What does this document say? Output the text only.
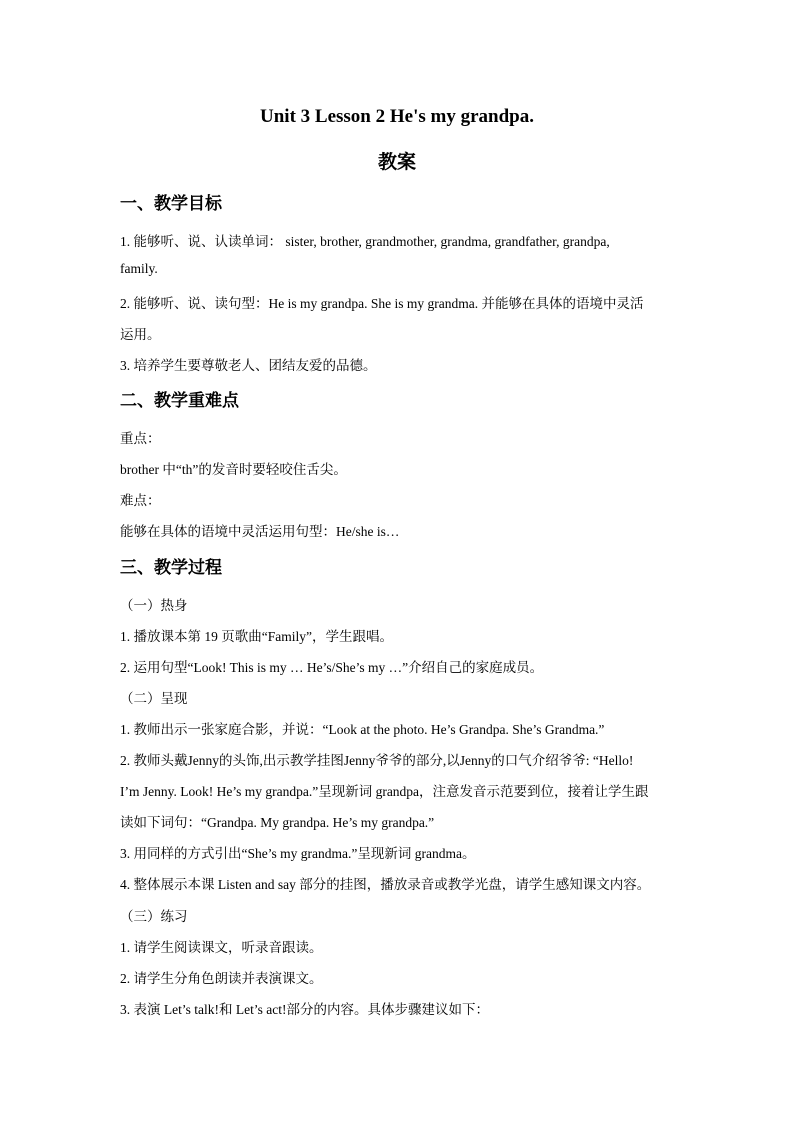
Unit 3 Lesson 2 He's my grandpa.
教案
一、教学目标
1. 能够听、说、认读单词： sister, brother, grandmother, grandma, grandfather, grandpa,
family.
2. 能够听、说、读句型：He is my grandpa. She is my grandma. 并能够在具体的语境中灵活
运用。
3. 培养学生要尊敬老人、团结友爱的品德。
二、教学重难点
重点：
brother 中“th”的发音时要轻咬住舌尖。
难点：
能够在具体的语境中灵活运用句型：He/she is…
三、教学过程
（一）热身
1. 播放课本第 19 页歌曲“Family”，学生跟唱。
2. 运用句型“Look! This is my … He’s/She’s my …”介绍自己的家庭成员。
（二）呈现
1. 教师出示一张家庭合影，并说：“Look at the photo. He’s Grandpa. She’s Grandma.”
2. 教师头戴Jenny的头饰,出示教学挂图Jenny爷爷的部分,以Jenny的口气介绍爷爷: “Hello!
I’m Jenny. Look! He’s my grandpa.”呈现新词 grandpa，注意发音示范要到位，接着让学生跟
读如下词句：“Grandpa. My grandpa. He’s my grandpa.”
3. 用同样的方式引出“She’s my grandma.”呈现新词 grandma。
4. 整体展示本课 Listen and say 部分的挂图，播放录音或教学光盘，请学生感知课文内容。
（三）练习
1. 请学生阅读课文，听录音跟读。
2. 请学生分角色朗读并表演课文。
3. 表演 Let’s talk!和 Let’s act!部分的内容。具体步骤建议如下：
